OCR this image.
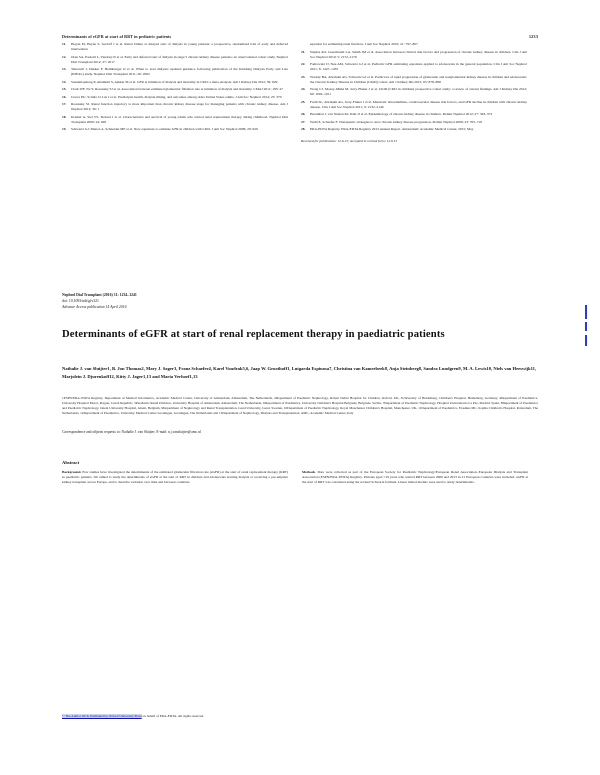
Determinants of eGFR at start of RRT in pediatric patients	1233
11.	Hogan M, Heyne S, Gerloff J et al. Renal failure at delayed start of dialysis in young patients: a prospective, randomized trial of early and deferred intervention
12.	Oran SA, Paoletti L, Vandorp N et al. Early and deferred start of dialysis in stage 5 chronic kidney disease patients: an observational cohort study. Nephrol Dial Transplant 2012; 27: 2017
13.	Tattersall J, Dekker F, Heimburger O et al. When to start dialysis: updated guidance following publication of the Initiating Dialysis Early and Late (IDEAL) study. Nephrol Dial Transplant 2011; 26: 2082
14.	Susantitaphong P, Altamimi S, Ashkar M et al. GFR at initiation of dialysis and mortality in CKD: a meta-analysis. Am J Kidney Dis 2012; 59: 829
15.	Clark WF, Na Y, Rosansky SJ et al. Association between estimated glomerular filtration rate at initiation of dialysis and mortality. CMAJ 2011; 183: 47
16.	Crews DC, Scialla JJ, Liu J et al. Predialysis health, dialysis timing, and outcomes among older United States adults. J Am Soc Nephrol 2014; 25: 370
17.	Rosansky SJ. Renal function trajectory is more important than chronic kidney disease stage for managing patients with chronic kidney disease. Am J Nephrol 2012; 36: 1
18.	Kramer A, Stel VS, Tizzard J et al. Characteristics and survival of young adults who started renal replacement therapy during childhood. Nephrol Dial Transplant 2009; 24: 926
19.	Schwartz GJ, Munoz A, Schneider MF et al. New equations to estimate GFR in children with CKD. J Am Soc Nephrol 2009; 20: 629
equation for estimating renal function. J Am Soc Nephrol 2010; 21: 797–807
21.	Staples AO, Greenbaum LA, Smith JM et al. Association between clinical risk factors and progression of chronic kidney disease in children. Clin J Am Soc Nephrol 2010; 5: 2172–2179
22.	Fadrowski JJ, Neu AM, Schwartz GJ et al. Pediatric GFR estimating equations applied to adolescents in the general population. Clin J Am Soc Nephrol 2011; 6: 1427–1435
23.	Warady BA, Abraham AG, Schwartz GJ et al. Predictors of rapid progression of glomerular and nonglomerular kidney disease in children and adolescents: the Chronic Kidney Disease in Children (CKiD) cohort. Am J Kidney Dis 2015; 65: 878–888
24.	Wong CJ, Moxey-Mims M, Jerry-Fluker J et al. CKiD (CKD in children) prospective cohort study: a review of current findings. Am J Kidney Dis 2012; 60: 1002–1011
25.	Furth SL, Abraham AG, Jerry-Fluker J et al. Metabolic abnormalities, cardiovascular disease risk factors, and GFR decline in children with chronic kidney disease. Clin J Am Soc Nephrol 2011; 6: 2132–2140
26.	Harambat J, van Stralen KJ, Kim JJ et al. Epidemiology of chronic kidney disease in children. Pediatr Nephrol 2012; 27: 363–373
27.	Wuhl E, Schaefer F. Therapeutic strategies to slow chronic kidney disease progression. Pediatr Nephrol 2008; 23: 705–716
28.	ERA-EDTA Registry. ERA-EDTA Registry 2013 Annual Report. Amsterdam: Academic Medical Center, 2015; May
Received for publication: 12.6.15; Accepted in revised form: 12.6.15
Nephrol Dial Transplant (2016) 31: 1234–1241
doi: 10.1093/ndt/gfv321
Advance Access publication 14 April 2016
Determinants of eGFR at start of renal replacement therapy in paediatric patients
Nathalie J. van Sluijter1, B. Jon Thomas2, Mary J. Sager3, Franz Schaefer4, Karel Vondrak5,6, Jaap W. Groothoff1, Lutgarda Espinosa7, Christina van Kamerbeek8, Anja Steinberg8, Sandra Lundgren9, M. A. Lewis10, Niels van Heeswijk11, Marjolein J. Djurenkoff12, Kitty J. Jager1,13 and Maria Verhoef1,13
1ESPN/ERA–EDTA Registry, Department of Medical Informatics, Academic Medical Center, University of Amsterdam, Amsterdam, The Netherlands, 2Department of Paediatric Nephrology, Robert Debré Hospital for Children, Oxford, UK, 3University of Heidelberg, Children's Hospital, Heidelberg, Germany, 4Department of Paediatrics, University Hospital Motol, Prague, Czech Republic, 5Paediatric Renal Division, University Hospital of Amsterdam, Amsterdam, The Netherlands, 6Department of Paediatrics, University Children's Hospital Belgrade, Belgrade, Serbia, 7Department of Paediatric Nephrology, Hospital Universitario La Paz, Madrid, Spain, 8Department of Paediatrics and Paediatric Nephrology, Ghent University Hospital, Ghent, Belgium, 9Department of Nephrology and Renal Transplantation, Lund University, Lund, Sweden, 10Department of Paediatric Nephrology, Royal Manchester Children's Hospital, Manchester, UK, 11Department of Paediatrics, Erasmus MC–Sophia Children's Hospital, Rotterdam, The Netherlands, 12Department of Paediatrics, University Medical Center Groningen, Groningen, The Netherlands and 13Department of Nephrology, Dialysis and Transplantation, AMC, Academic Medical Center, Italy
Correspondence and offprint requests to: Nathalie J. van Sluijter; E-mail: n.j.vansluijter@amc.nl
Abstract
Background. Few studies have investigated the determinants of the estimated glomerular filtration rate (eGFR) at the start of renal replacement therapy (RRT) in paediatric patients. We aimed to study the determinants of eGFR at the start of RRT in children and adolescents starting dialysis or receiving a pre-emptive kidney transplant across Europe, and to describe variation over time and between countries.
Methods. Data were collected as part of the European Society for Paediatric Nephrology/European Renal Association–European Dialysis and Transplant Association (ESPN/ERA–EDTA) Registry. Patients aged <19 years who started RRT between 2000 and 2013 in 21 European countries were included. eGFR at the start of RRT was calculated using the revised Schwartz formula. Linear mixed models were used to study determinants.
© The Author 2016. Published by Oxford University Press on behalf of ERA-EDTA. All rights reserved.
